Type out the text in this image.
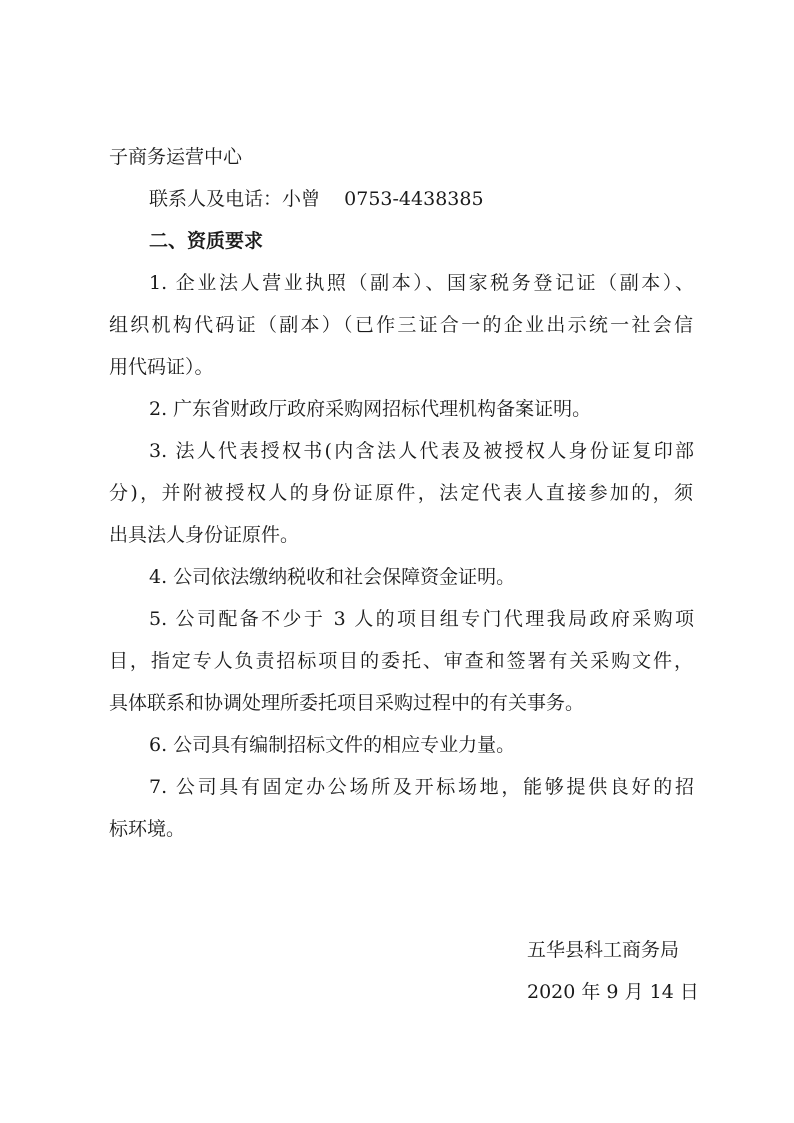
子商务运营中心
联系人及电话：小曾    0753-4438385
二、资质要求
1. 企业法人营业执照（副本）、国家税务登记证（副本）、
组织机构代码证（副本）（已作三证合一的企业出示统一社会信
用代码证）。
2. 广东省财政厅政府采购网招标代理机构备案证明。
3. 法人代表授权书(内含法人代表及被授权人身份证复印部
分)，并附被授权人的身份证原件，法定代表人直接参加的，须
出具法人身份证原件。
4. 公司依法缴纳税收和社会保障资金证明。
5. 公司配备不少于 3 人的项目组专门代理我局政府采购项
目，指定专人负责招标项目的委托、审查和签署有关采购文件，
具体联系和协调处理所委托项目采购过程中的有关事务。
6. 公司具有编制招标文件的相应专业力量。
7. 公司具有固定办公场所及开标场地，能够提供良好的招
标环境。
五华县科工商务局
2020 年 9 月 14 日
